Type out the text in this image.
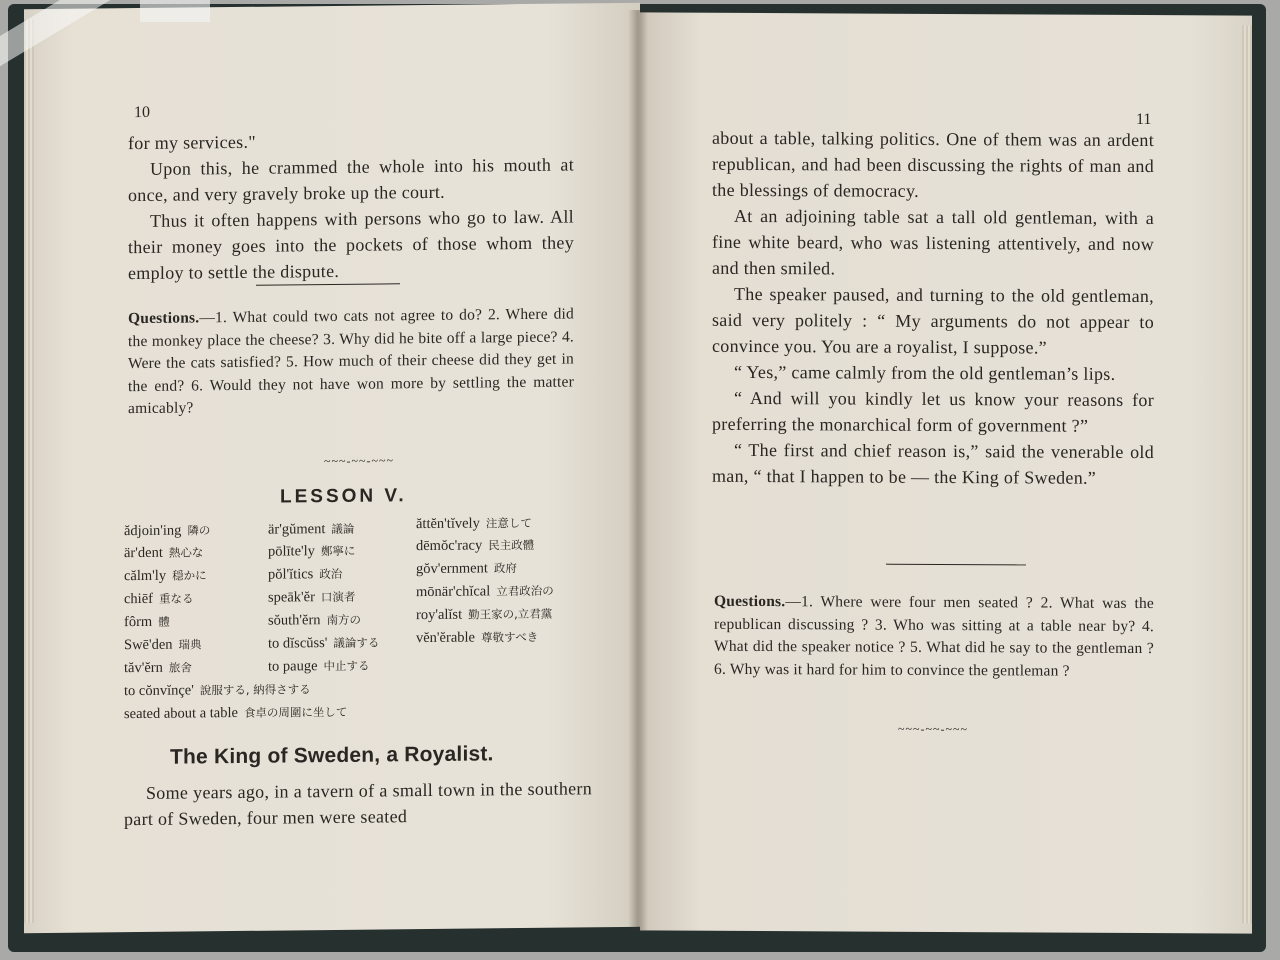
10

for my services."

Upon this, he crammed the whole into his mouth at once, and very gravely broke up the court.

Thus it often happens with persons who go to law. All their money goes into the pockets of those whom they employ to settle the dispute.

Questions.—1. What could two cats not agree to do? 2. Where did the monkey place the cheese? 3. Why did he bite off a large piece? 4. Were the cats satisfied? 5. How much of their cheese did they get in the end? 6. Would they not have won more by settling the matter amicably?
~~~-~~-~~~
LESSON V.
ădjoin'ing 隣の	är'gŭment 議論	ăttĕn'tĭvely 注意して
är'dent 熱心な	pōlīte'ly 鄭寧に	dēmŏc'racy 民主政體
călm'ly 穏かに	pŏl'ĭtics 政治	gŏv'ernment 政府
chiēf 重なる	speāk'ĕr 口演者	mōnär'chĭcal 立君政治の
fôrm 體	sŏuth'ĕrn 南方の	roy'alĭst 勤王家の,立君黨
Swē'den 瑞典	to dĭscŭss' 議論する	vĕn'ĕrable 尊敬すべき
tăv'ĕrn 旅舍	to pauge 中止する
to cŏnvĭnçe' 說服する, 納得さする
seated about a table 食卓の周圍に坐して
The King of Sweden, a Royalist.

Some years ago, in a tavern of a small town in the southern part of Sweden, four men were seated

11

about a table, talking politics. One of them was an ardent republican, and had been discussing the rights of man and the blessings of democracy.

At an adjoining table sat a tall old gentleman, with a fine white beard, who was listening attentively, and now and then smiled.

The speaker paused, and turning to the old gentleman, said very politely : “ My arguments do not appear to convince you. You are a royalist, I suppose.”

“ Yes,” came calmly from the old gentleman’s lips.

“ And will you kindly let us know your reasons for preferring the monarchical form of government ?”

“ The first and chief reason is,” said the venerable old man, “ that I happen to be — the King of Sweden.”

Questions.—1. Where were four men seated ? 2. What was the republican discussing ? 3. Who was sitting at a table near by? 4. What did the speaker notice ? 5. What did he say to the gentleman ? 6. Why was it hard for him to convince the gentleman ?
~~~-~~-~~~
